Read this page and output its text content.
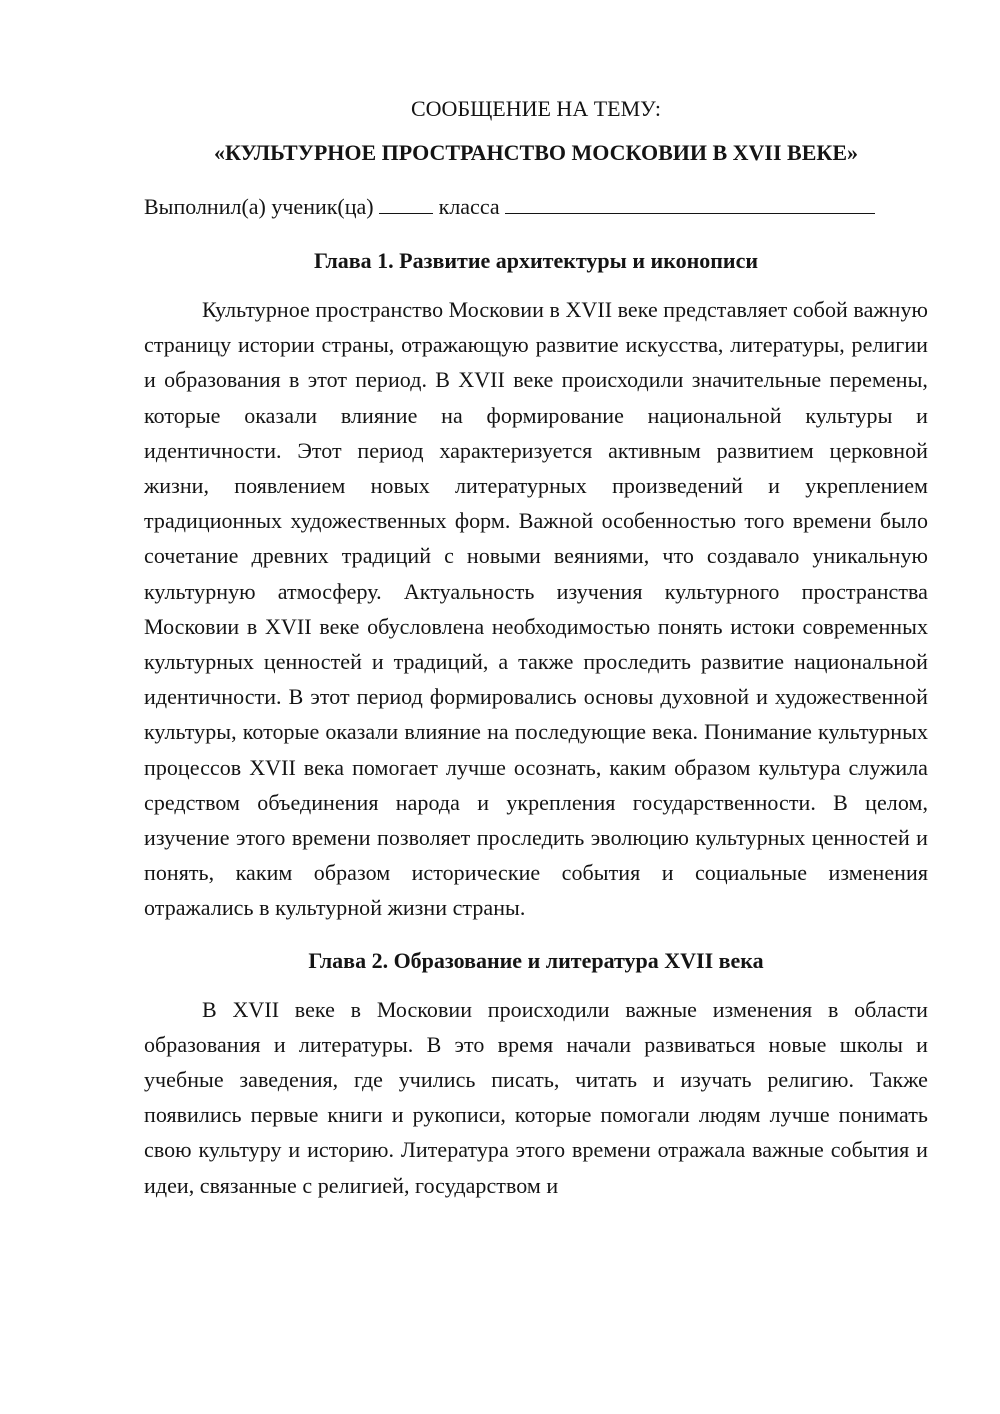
СООБЩЕНИЕ НА ТЕМУ:

«КУЛЬТУРНОЕ ПРОСТРАНСТВО МОСКОВИИ В XVII ВЕКЕ»

Выполнил(а) ученик(ца)	класса

Глава 1. Развитие архитектуры и иконописи

Культурное пространство Московии в XVII веке представляет собой важную страницу истории страны, отражающую развитие искусства, литературы, религии и образования в этот период. В XVII веке происходили значительные перемены, которые оказали влияние на формирование национальной культуры и идентичности. Этот период характеризуется активным развитием церковной жизни, появлением новых литературных произведений и укреплением традиционных художественных форм. Важной особенностью того времени было сочетание древних традиций с новыми веяниями, что создавало уникальную культурную атмосферу. Актуальность изучения культурного пространства Московии в XVII веке обусловлена необходимостью понять истоки современных культурных ценностей и традиций, а также проследить развитие национальной идентичности. В этот период формировались основы духовной и художественной культуры, которые оказали влияние на последующие века. Понимание культурных процессов XVII века помогает лучше осознать, каким образом культура служила средством объединения народа и укрепления государственности. В целом, изучение этого времени позволяет проследить эволюцию культурных ценностей и понять, каким образом исторические события и социальные изменения отражались в культурной жизни страны.

Глава 2. Образование и литература XVII века

В XVII веке в Московии происходили важные изменения в области образования и литературы. В это время начали развиваться новые школы и учебные заведения, где учились писать, читать и изучать религию. Также появились первые книги и рукописи, которые помогали людям лучше понимать свою культуру и историю. Литература этого времени отражала важные события и идеи, связанные с религией, государством и
